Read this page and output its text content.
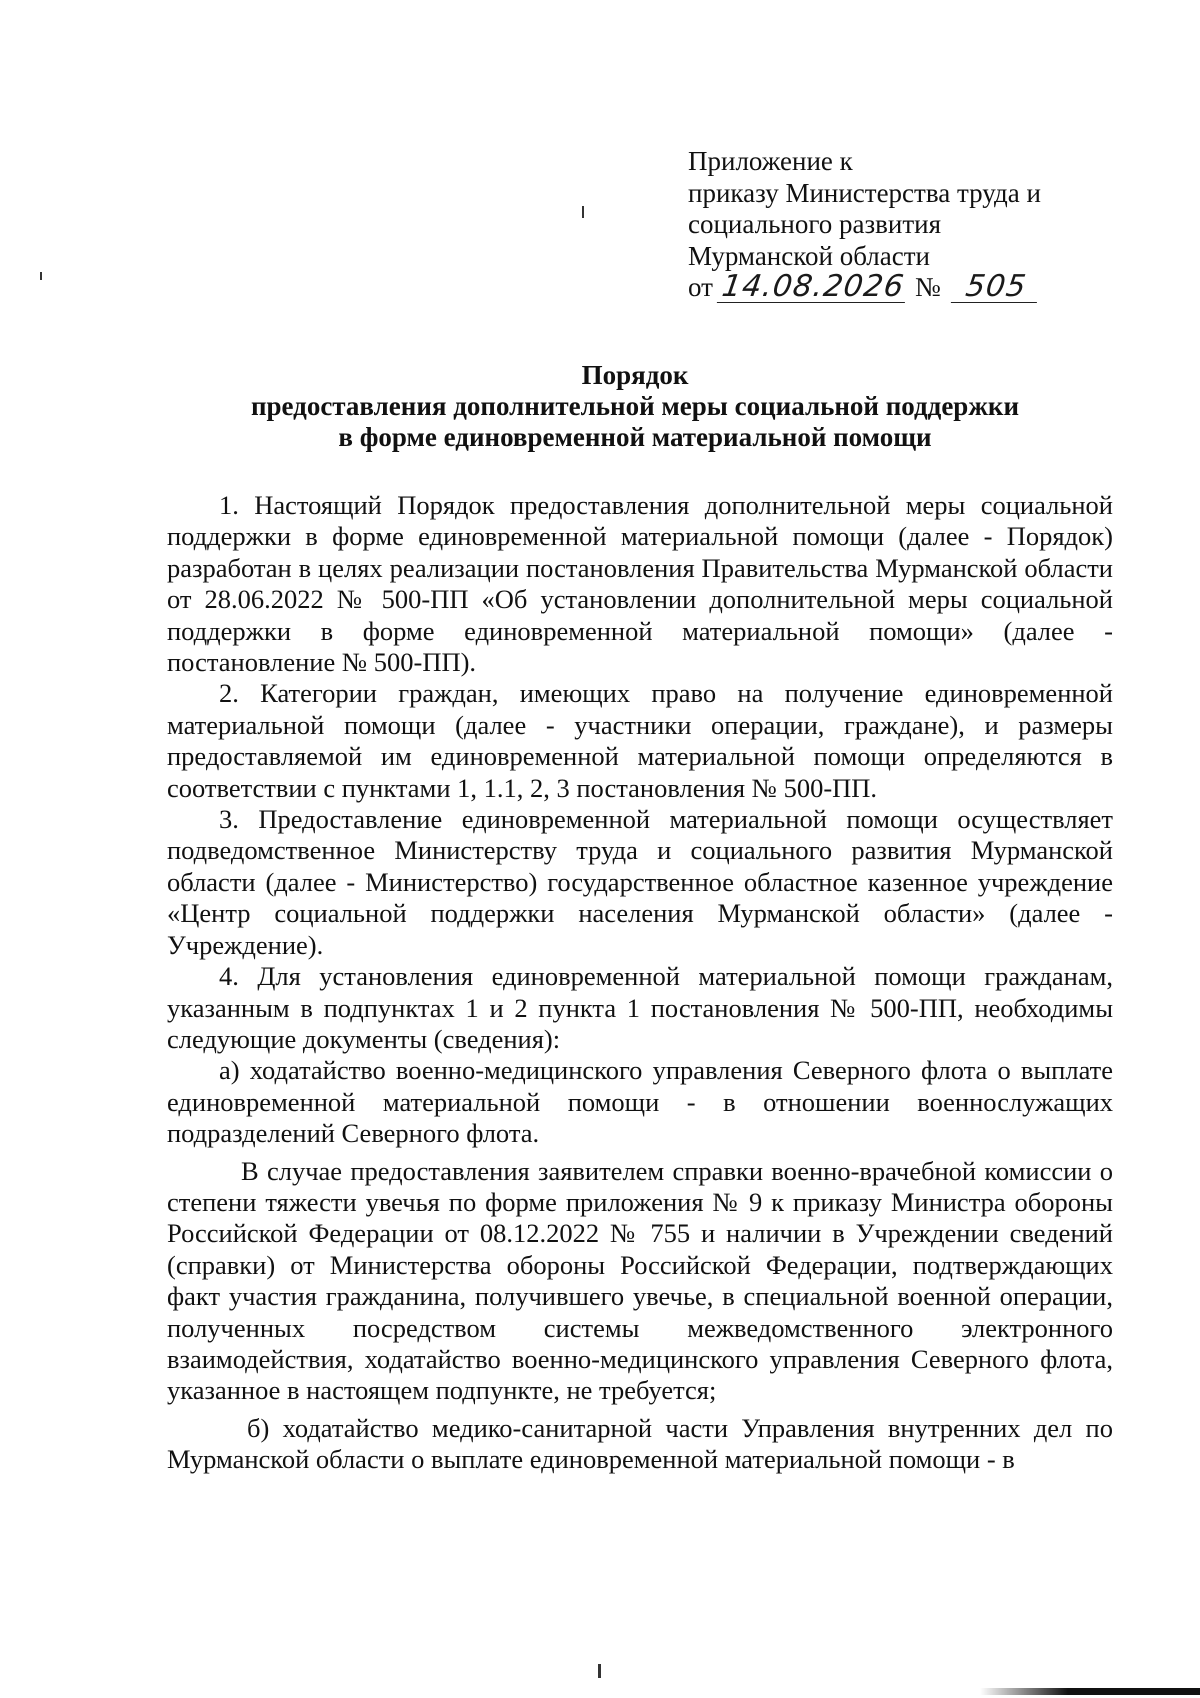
Приложение к
приказу Министерства труда и
социального развития
Мурманской области
от 14.08.2026 № 505
Порядок
предоставления дополнительной меры социальной поддержки
в форме единовременной материальной помощи

1. Настоящий Порядок предоставления дополнительной меры социальной поддержки в форме единовременной материальной помощи (далее - Порядок) разработан в целях реализации постановления Правительства Мурманской области от 28.06.2022 № 500-ПП «Об установлении дополнительной меры социальной поддержки в форме единовременной материальной помощи» (далее - постановление № 500-ПП).

2. Категории граждан, имеющих право на получение единовременной материальной помощи (далее - участники операции, граждане), и размеры предоставляемой им единовременной материальной помощи определяются в соответствии с пунктами 1, 1.1, 2, 3 постановления № 500-ПП.

3. Предоставление единовременной материальной помощи осуществляет подведомственное Министерству труда и социального развития Мурманской области (далее - Министерство) государственное областное казенное учреждение «Центр социальной поддержки населения Мурманской области» (далее - Учреждение).

4. Для установления единовременной материальной помощи гражданам, указанным в подпунктах 1 и 2 пункта 1 постановления № 500-ПП, необходимы следующие документы (сведения):

а) ходатайство военно-медицинского управления Северного флота о выплате единовременной материальной помощи - в отношении военнослужащих подразделений Северного флота.

В случае предоставления заявителем справки военно-врачебной комиссии о степени тяжести увечья по форме приложения № 9 к приказу Министра обороны Российской Федерации от 08.12.2022 № 755 и наличии в Учреждении сведений (справки) от Министерства обороны Российской Федерации, подтверждающих факт участия гражданина, получившего увечье, в специальной военной операции, полученных посредством системы межведомственного электронного взаимодействия, ходатайство военно-медицинского управления Северного флота, указанное в настоящем подпункте, не требуется;

б) ходатайство медико-санитарной части Управления внутренних дел по Мурманской области о выплате единовременной материальной помощи - в
